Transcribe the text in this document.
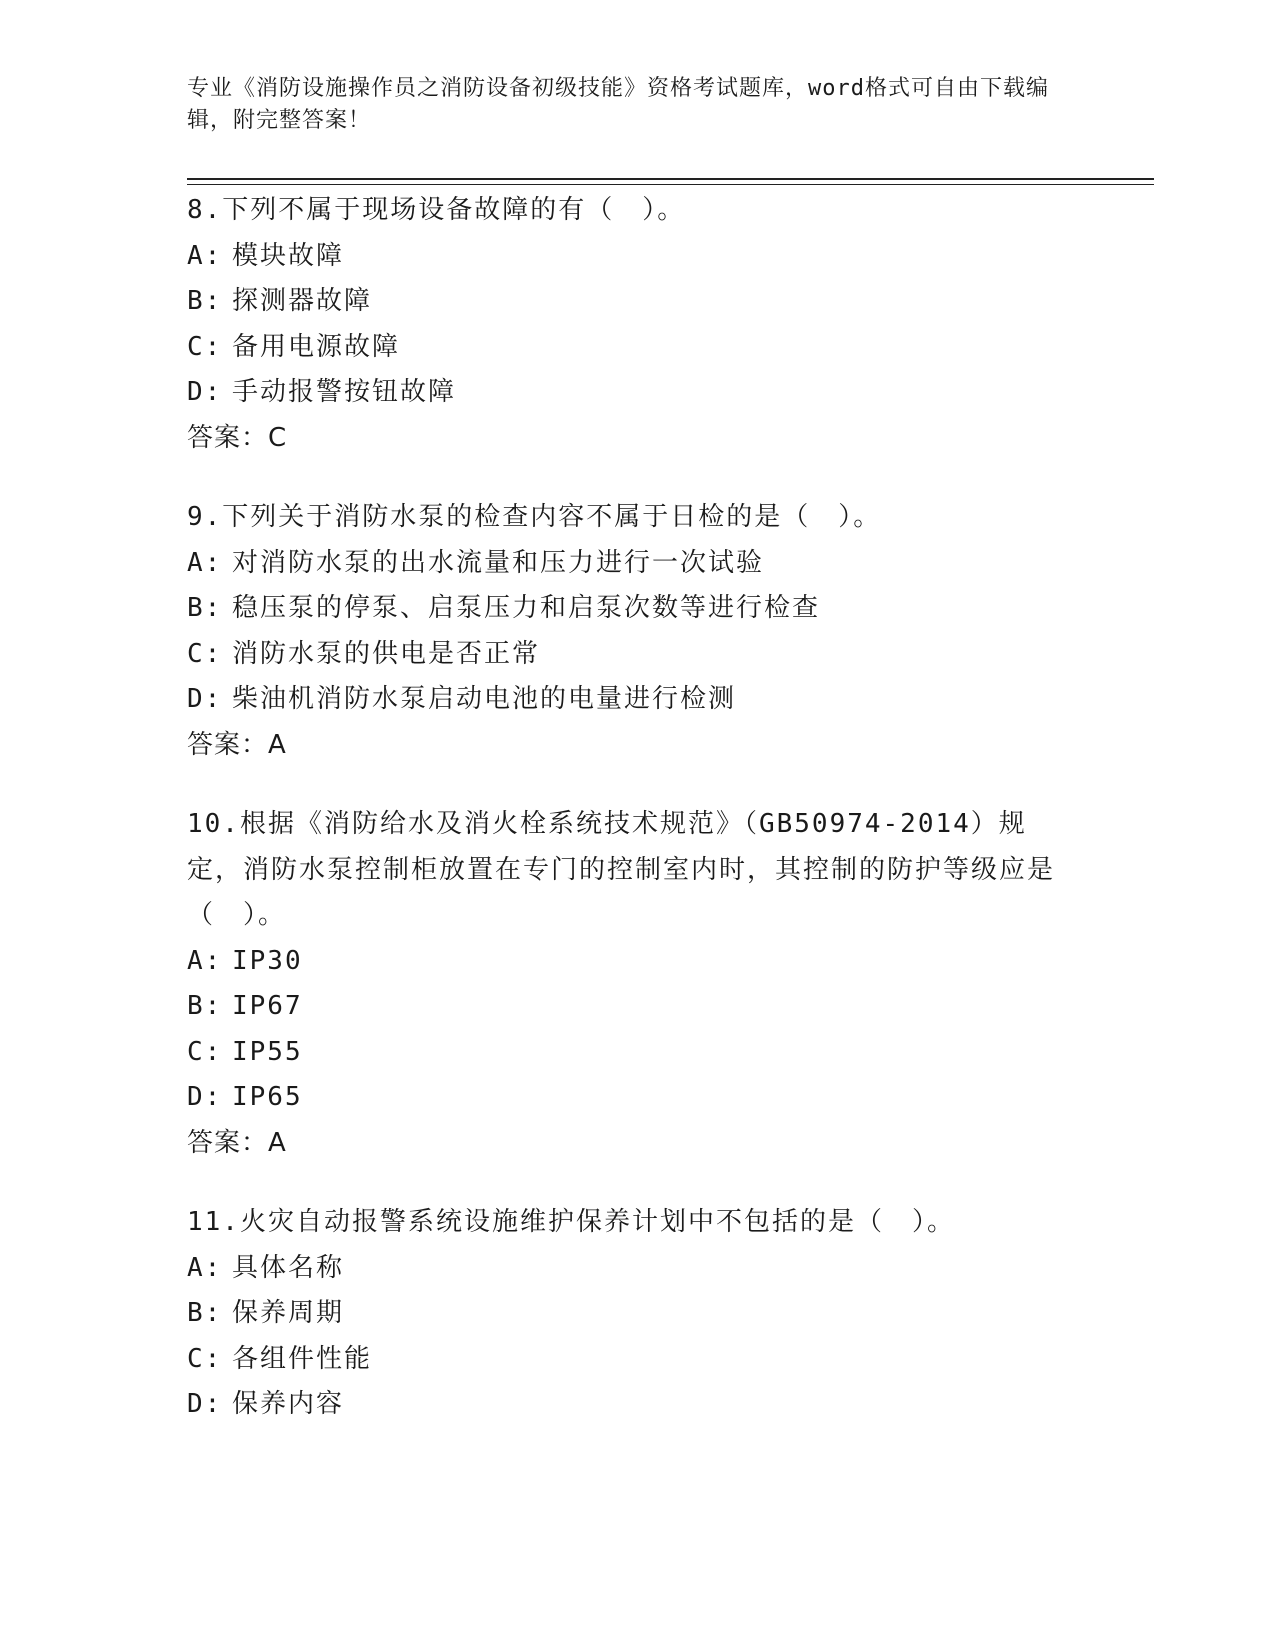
专业《消防设施操作员之消防设备初级技能》资格考试题库，word格式可自由下载编辑，附完整答案！
8.下列不属于现场设备故障的有（　）。
A: 模块故障
B: 探测器故障
C: 备用电源故障
D: 手动报警按钮故障
答案：C
9.下列关于消防水泵的检查内容不属于日检的是（　）。
A: 对消防水泵的出水流量和压力进行一次试验
B: 稳压泵的停泵、启泵压力和启泵次数等进行检查
C: 消防水泵的供电是否正常
D: 柴油机消防水泵启动电池的电量进行检测
答案：A
10.根据《消防给水及消火栓系统技术规范》（GB50974-2014）规定，消防水泵控制柜放置在专门的控制室内时，其控制的防护等级应是（　）。
A: IP30
B: IP67
C: IP55
D: IP65
答案：A
11.火灾自动报警系统设施维护保养计划中不包括的是（　）。
A: 具体名称
B: 保养周期
C: 各组件性能
D: 保养内容
